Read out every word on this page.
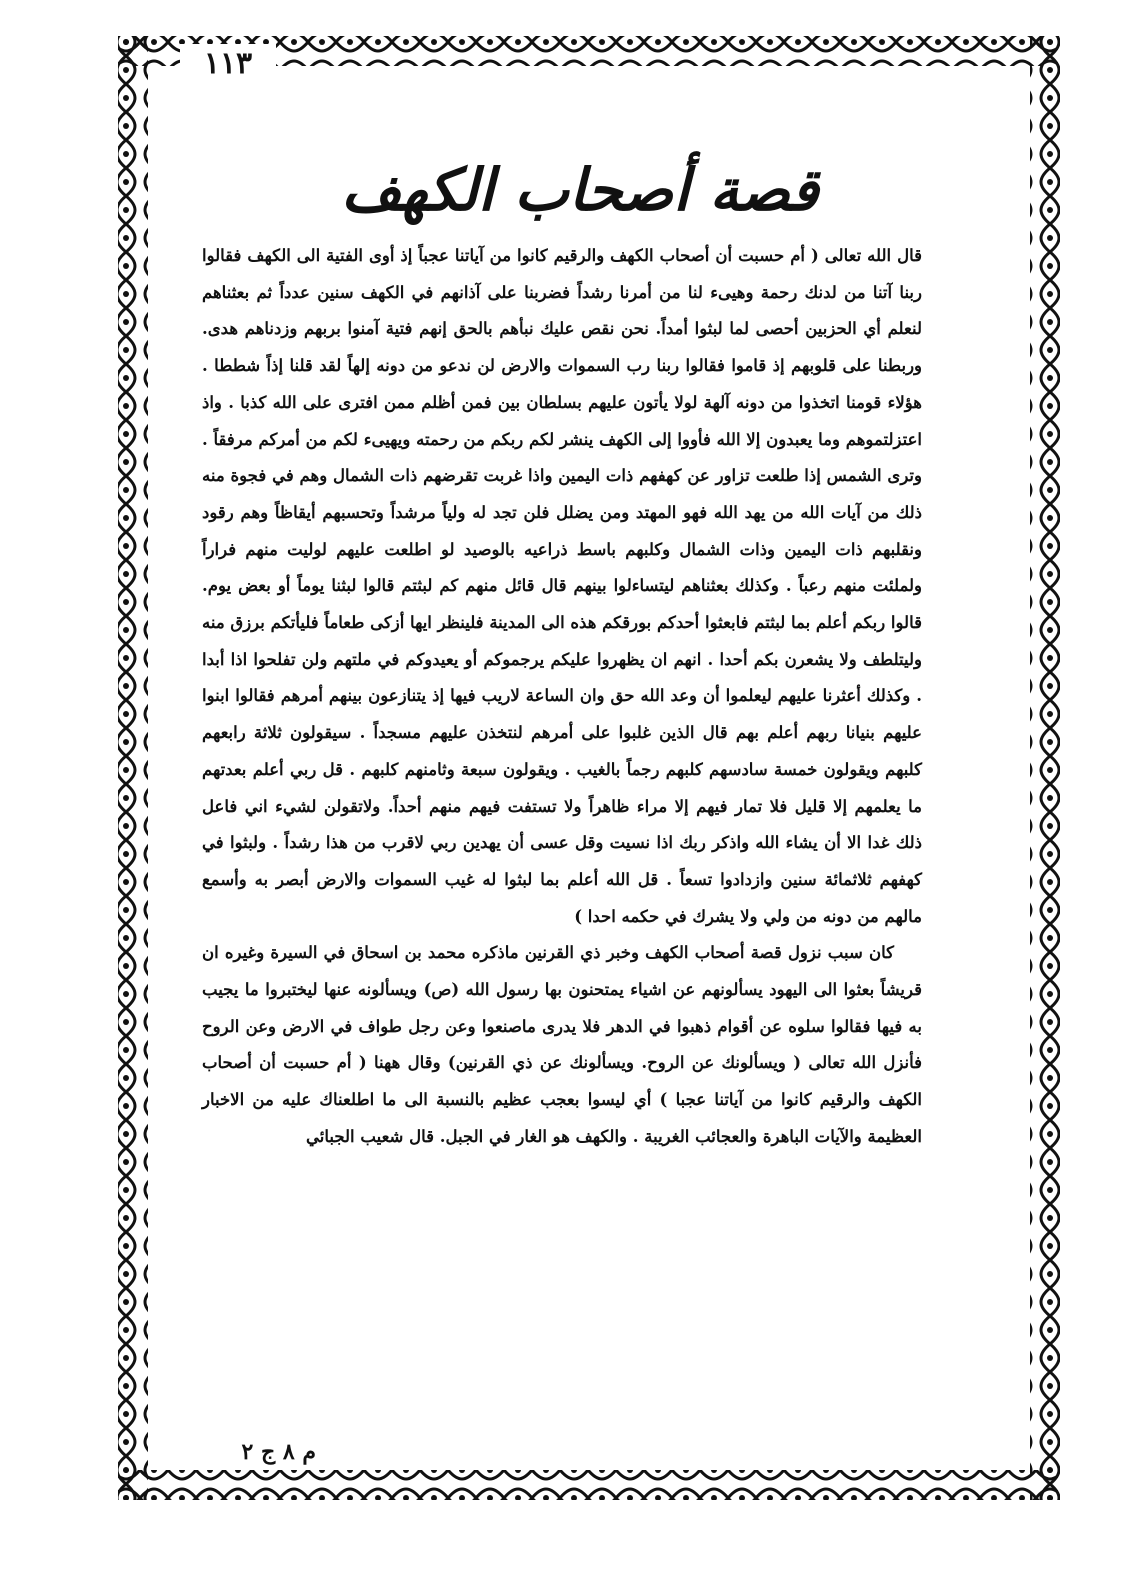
١١٣
قصة أصحاب الكهف

قال الله تعالى ( أم حسبت أن أصحاب الكهف والرقيم كانوا من آياتنا عجباً إذ أوى الفتية الى الكهف فقالوا ربنا آتنا من لدنك رحمة وهيىء لنا من أمرنا رشداً فضربنا على آذانهم في الكهف سنين عدداً ثم بعثناهم لنعلم أي الحزبين أحصى لما لبثوا أمداً. نحن نقص عليك نبأهم بالحق إنهم فتية آمنوا بربهم وزدناهم هدى. وربطنا على قلوبهم إذ قاموا فقالوا ربنا رب السموات والارض لن ندعو من دونه إلهاً لقد قلنا إذاً شططا . هؤلاء قومنا اتخذوا من دونه آلهة لولا يأتون عليهم بسلطان بين فمن أظلم ممن افترى على الله كذبا . واذ اعتزلتموهم وما يعبدون إلا الله فأووا إلى الكهف ينشر لكم ربكم من رحمته ويهيىء لكم من أمركم مرفقاً . وترى الشمس إذا طلعت تزاور عن كهفهم ذات اليمين واذا غربت تقرضهم ذات الشمال وهم في فجوة منه ذلك من آيات الله من يهد الله فهو المهتد ومن يضلل فلن تجد له ولياً مرشداً وتحسبهم أيقاظاً وهم رقود ونقلبهم ذات اليمين وذات الشمال وكلبهم باسط ذراعيه بالوصيد لو اطلعت عليهم لوليت منهم فراراً ولملئت منهم رعباً . وكذلك بعثناهم ليتساءلوا بينهم قال قائل منهم كم لبثتم قالوا لبثنا يوماً أو بعض يوم. قالوا ربكم أعلم بما لبثتم فابعثوا أحدكم بورقكم هذه الى المدينة فلينظر ايها أزكى طعاماً فليأتكم برزق منه وليتلطف ولا يشعرن بكم أحدا . انهم ان يظهروا عليكم يرجموكم أو يعيدوكم في ملتهم ولن تفلحوا اذا أبدا . وكذلك أعثرنا عليهم ليعلموا أن وعد الله حق وان الساعة لاريب فيها إذ يتنازعون بينهم أمرهم فقالوا ابنوا عليهم بنيانا ربهم أعلم بهم قال الذين غلبوا على أمرهم لنتخذن عليهم مسجداً . سيقولون ثلاثة رابعهم كلبهم ويقولون خمسة سادسهم كلبهم رجماً بالغيب . ويقولون سبعة وثامنهم كلبهم . قل ربي أعلم بعدتهم ما يعلمهم إلا قليل فلا تمار فيهم إلا مراء ظاهراً ولا تستفت فيهم منهم أحداً. ولاتقولن لشيء اني فاعل ذلك غدا الا أن يشاء الله واذكر ربك اذا نسيت وقل عسى أن يهدين ربي لاقرب من هذا رشداً . ولبثوا في كهفهم ثلاثمائة سنين وازدادوا تسعاً . قل الله أعلم بما لبثوا له غيب السموات والارض أبصر به وأسمع مالهم من دونه من ولي ولا يشرك في حكمه احدا )

كان سبب نزول قصة أصحاب الكهف وخبر ذي القرنين ماذكره محمد بن اسحاق في السيرة وغيره ان قريشاً بعثوا الى اليهود يسألونهم عن اشياء يمتحنون بها رسول الله (ص) ويسألونه عنها ليختبروا ما يجيب به فيها فقالوا سلوه عن أقوام ذهبوا في الدهر فلا يدرى ماصنعوا وعن رجل طواف في الارض وعن الروح فأنزل الله تعالى ( ويسألونك عن الروح. ويسألونك عن ذي القرنين) وقال ههنا ( أم حسبت أن أصحاب الكهف والرقيم كانوا من آياتنا عجبا ) أي ليسوا بعجب عظيم بالنسبة الى ما اطلعناك عليه من الاخبار العظيمة والآيات الباهرة والعجائب الغريبة . والكهف هو الغار في الجبل. قال شعيب الجبائي

م ٨ ج ٢
